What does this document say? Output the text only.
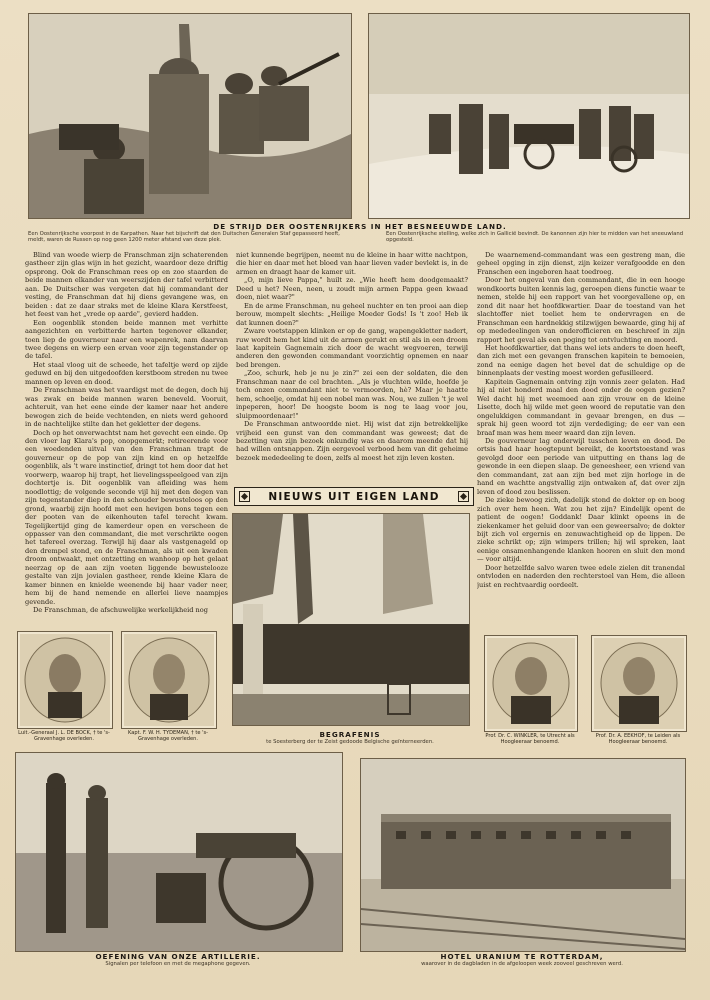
DE STRIJD DER OOSTENRIJKERS IN HET BESNEEUWDE LAND.
Een Oostenrijksche voorpost in de Karpathen. Naar het bijschrift dat den Duitschen Generalen Staf gepasseerd heeft, meldt, waren de Russen op nog geen 1200 meter afstand van deze plek.
Een Oostenrijksche stelling, welke zich in Gallicië bevindt. De kanonnen zijn hier te midden van het sneeuwland opgesteld.

Blind van woede wierp de Franschman zijn schaterenden gastheer zijn glas wijn in het gezicht, waardoor deze driftig opsprong. Ook de Franschman rees op en zoo staarden de beide mannen elkander van weerszijden der tafel verbitterd aan. De Duitscher was vergeten dat hij commandant der vesting, de Franschman dat hij diens gevangene was, en beiden : dat ze daar straks met de kleine Klara Kerstfeest, het feest van het „vrede op aarde", gevierd hadden.

Een oogenblik stonden beide mannen met verhitte aangezichten en verbitterde harten tegenover elkander, toen liep de gouverneur naar een wapenrek, nam daarvan twee degens en wierp een ervan voor zijn tegenstander op de tafel.

Het staal vloog uit de scheede, het tafeltje werd op zijde geduwd en bij den uitgedoofden kerstboom streden nu twee mannen op leven en dood.

De Franschman was het vaardigst met de degen, doch hij was zwak en beide mannen waren beneveld. Vooruit, achteruit, van het eene einde der kamer naar het andere bewogen zich de beide vechtenden, en niets werd gehoord in de nachtelijke stilte dan het gekletter der degens.

Doch op het onverwachtst nam het gevecht een einde. Op den vloer lag Klara's pop, onopgemerkt; retireerende voor een woedenden uitval van den Franschman trapt de gouverneur op de pop van zijn kind en op hetzelfde oogenblik, als 't ware instinctief, dringt tot hem door dat het voorwerp, waarop hij trapt, het lievelingsspeelgoed van zijn dochtertje is. Dit oogenblik van afleiding was hem noodlottig; de volgende seconde vijl hij met den degen van zijn tegenstander diep in den schouder bewusteloos op den grond, waarbij zijn hoofd met een hevigen bons tegen een der pooten van de eikenhouten tafel terecht kwam. Tegelijkertijd ging de kamerdeur open en verscheen de oppasser van den commandant, die met verschrikte oogen het tafereel overzag. Terwijl hij daar als vastgenageld op den drempel stond, en de Franschman, als uit een kwaden droom ontwaakt, met ontzetting en wanhoop op het gelaat neerzag op de aan zijn voeten liggende bewustelooze gestalte van zijn jovialen gastheer, rende kleine Klara de kamer binnen en knielde weenende bij haar vader neer, hem bij de hand nemende en allerlei lieve naampjes gevende.

De Franschman, de afschuwelijke werkelijkheid nog

niet kunnende begrijpen, neemt nu de kleine in haar witte nachtpon, die hier en daar met het bloed van haar lieven vader bevlekt is, in de armen en draagt haar de kamer uit.

„O, mijn lieve Pappa," huilt ze. „Wie heeft hem doodgemaakt? Deed u het? Neen, neen, u zoudt mijn armen Pappa geen kwaad doen, niet waar?"

En de arme Franschman, nu geheel nuchter en ten prooi aan diep berouw, mompelt slechts: „Heilige Moeder Gods! Is 't zoo! Heb ik dat kunnen doen?"

Zware voetstappen klinken er op de gang, wapengekletter nadert, ruw wordt hem het kind uit de armen gerukt en stil als in een droom laat kapitein Gagnemain zich door de wacht wegvoeren, terwijl anderen den gewonden commandant voorzichtig opnemen en naar bed brengen.

„Zoo, schurk, heb je nu je zin?" zei een der soldaten, die den Franschman naar de cel brachten. „Als je vluchten wilde, hoefde je toch onzen commandant niet te vermoorden, hè? Maar je haatte hem, schoelje, omdat hij een nobel man was. Nou, we zullen 't je wel inpeperen, hoor! De hoogste boom is nog te laag voor jou, sluipmoordenaar!"

De Franschman antwoordde niet. Hij wist dat zijn betrekkelijke vrijheid een gunst van den commandant was geweest; dat de bezetting van zijn bezoek onkundig was en daarom meende dat hij had willen ontsnappen. Zijn eergevoel verbood hem van dit geheime bezoek mededeeling te doen, zelfs al moest het zijn leven kosten.

De waarnemend-commandant was een gestreng man, die geheel opging in zijn dienst, zijn keizer verafgoodde en den Franschen een ingeboren haat toedroeg.

Door het ongeval van den commandant, die in een hooge wondkoorts buiten kennis lag, geroepen diens functie waar te nemen, stelde hij een rapport van het voorgevallene op, en zond dit naar het hoofdkwartier. Daar de toestand van het slachtoffer niet toeliet hem te ondervragen en de Franschman een hardnekkig stilzwijgen bewaarde, ging hij af op mededeelingen van onderofficieren en beschreef in zijn rapport het geval als een poging tot ontvluchting en moord.

Het hoofdkwartier, dat thans wel iets anders te doen heeft, dan zich met een gevangen franschen kapitein te bemoeien, zond na eenige dagen het bevel dat de schuldige op de binnenplaats der vesting moest worden gefusilleerd.

Kapitein Gagnemain ontving zijn vonnis zeer gelaten. Had hij al niet honderd maal den dood onder de oogen gezien? Wel dacht hij met weemoed aan zijn vrouw en de kleine Lisette, doch hij wilde met geen woord de reputatie van den ongelukkigen commandant in gevaar brengen, en dus — sprak hij geen woord tot zijn verdediging; de eer van een braaf man was hem meer waard dan zijn leven.

De gouverneur lag onderwijl tusschen leven en dood. De ortsis had haar hoogtepunt bereikt, de koortstoestand was gevolgd door een periode van uitputting en thans lag de gewonde in een diepen slaap. De geneesheer, een vriend van den commandant, zat aan zijn bed met zijn horloge in de hand en wachtte angstvallig zijn ontwaken af, dat over zijn leven of dood zou beslissen.

De zieke bewoog zich, dadelijk stond de dokter op en boog zich over hem heen. Wat zou het zijn? Eindelijk opent de patient de oogen! Goddank! Daar klinkt opeens in de ziekenkamer het geluid door van een geweersalvo; de dokter bijt zich vol ergernis en zenuwachtigheid op de lippen. De zieke schrikt op; zijn wimpers trillen; hij wil spreken, laat eenige onsamenhangende klanken hooren en sluit den mond — voor altijd.

Door hetzelfde salvo waren twee edele zielen dit tranendal ontvloden en naderden den rechterstoel van Hem, die alleen juist en rechtvaardig oordeelt.

NIEUWS UIT EIGEN LAND
Luit.-Generaal J. L. DE BOCK, † te 's-Gravenhage overleden.
Kapt. F. W. H. TYDEMAN, † te 's-Gravenhage overleden.	BEGRAFENIS
te Soesterberg der te Zeist gedoode Belgische geïnterneerden.
Prof. Dr. C. WINKLER, te Utrecht als Hoogleeraar benoemd.
Prof. Dr. A. EEKHOF, te Leiden als Hoogleeraar benoemd.
OEFENING VAN ONZE ARTILLERIE.
Signalen per telefoon en met de megaphone gegeven.
HOTEL URANIUM TE ROTTERDAM,
waarover in de dagbladen in de afgeloopen week zooveel geschreven werd.
